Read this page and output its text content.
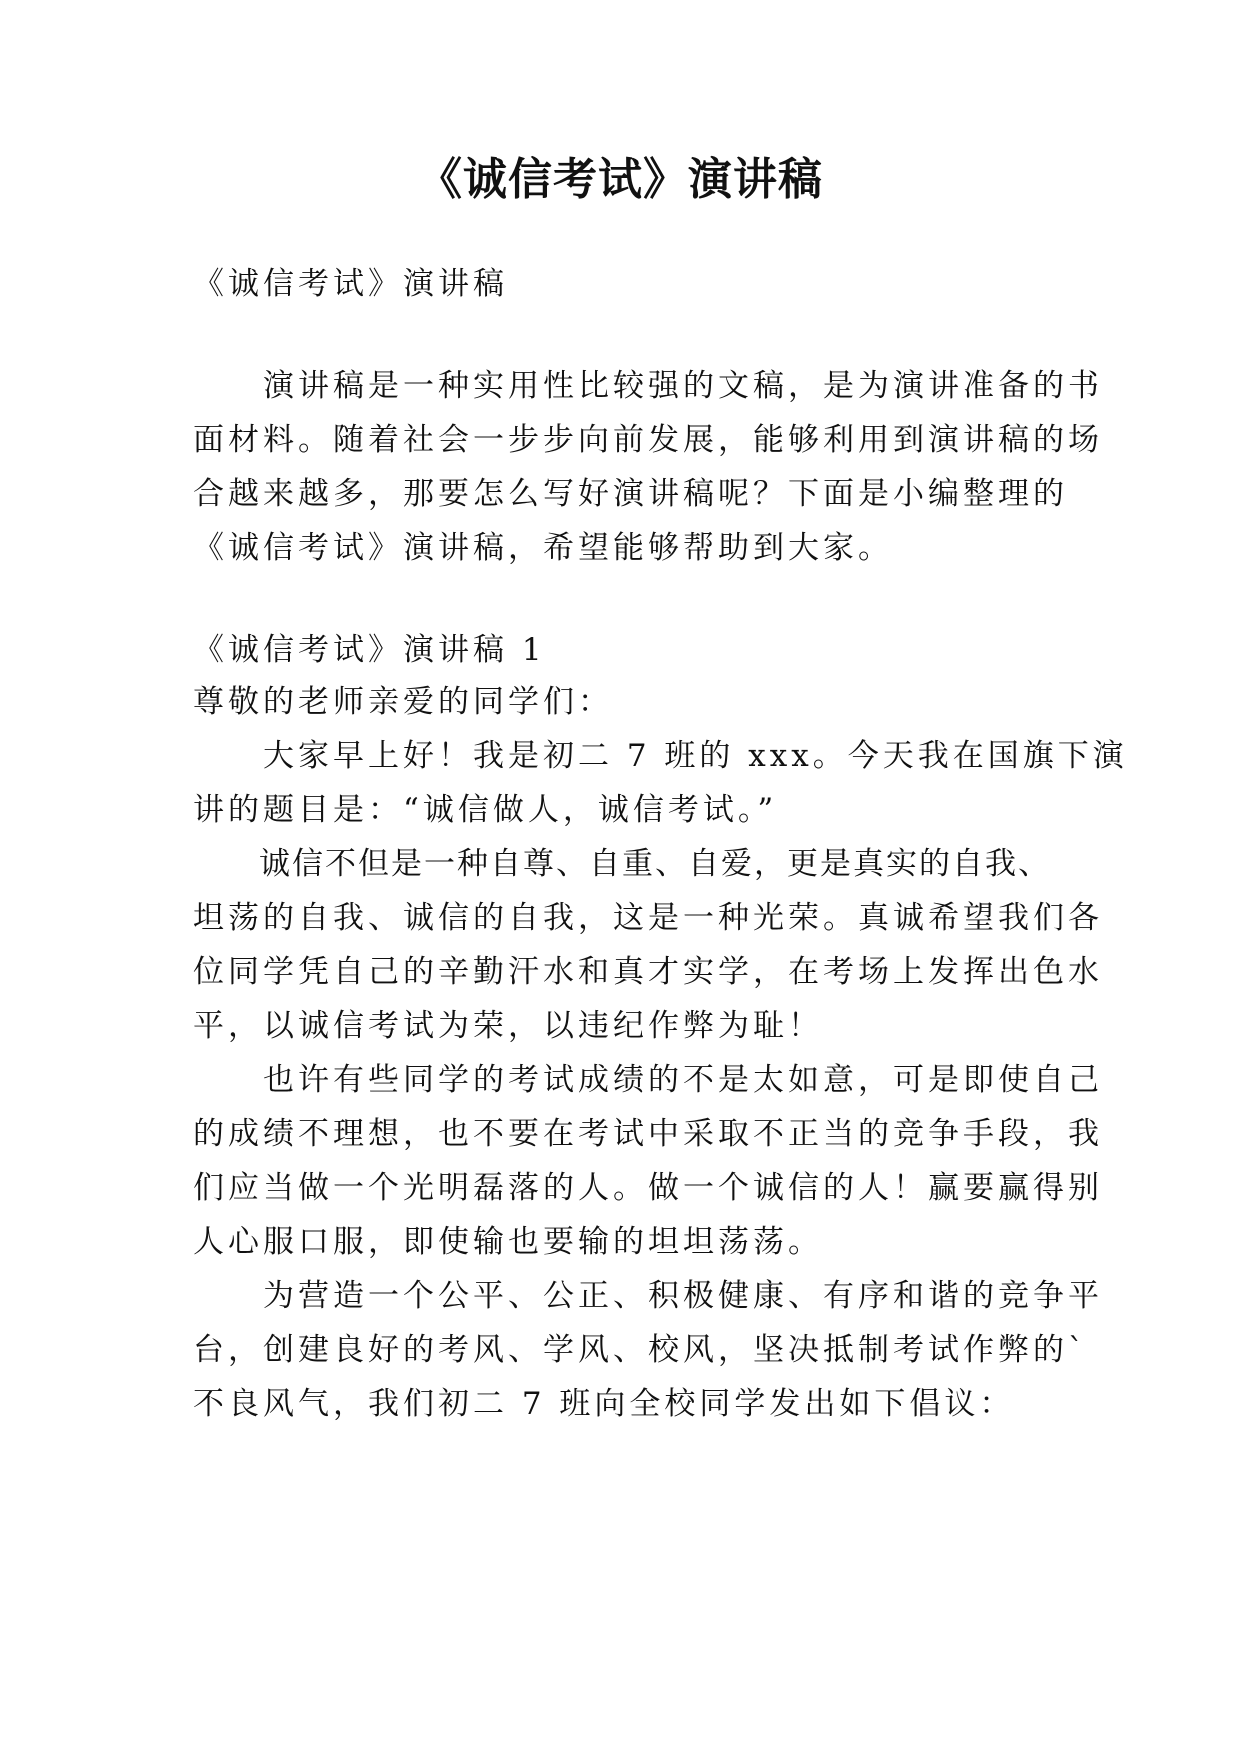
《诚信考试》演讲稿
《诚信考试》演讲稿
　　演讲稿是一种实用性比较强的文稿，是为演讲准备的书
面材料。随着社会一步步向前发展，能够利用到演讲稿的场
合越来越多，那要怎么写好演讲稿呢？下面是小编整理的
《诚信考试》演讲稿，希望能够帮助到大家。
《诚信考试》演讲稿 1
尊敬的老师亲爱的同学们：
　　大家早上好！我是初二 7 班的 xxx。今天我在国旗下演
讲的题目是：“诚信做人，诚信考试。”
　　诚信不但是一种自尊、自重、自爱，更是真实的自我、
坦荡的自我、诚信的自我，这是一种光荣。真诚希望我们各
位同学凭自己的辛勤汗水和真才实学，在考场上发挥出色水
平，以诚信考试为荣，以违纪作弊为耻！
　　也许有些同学的考试成绩的不是太如意，可是即使自己
的成绩不理想，也不要在考试中采取不正当的竞争手段，我
们应当做一个光明磊落的人。做一个诚信的人！赢要赢得别
人心服口服，即使输也要输的坦坦荡荡。
　　为营造一个公平、公正、积极健康、有序和谐的竞争平
台，创建良好的考风、学风、校风，坚决抵制考试作弊的`
不良风气，我们初二 7 班向全校同学发出如下倡议：
